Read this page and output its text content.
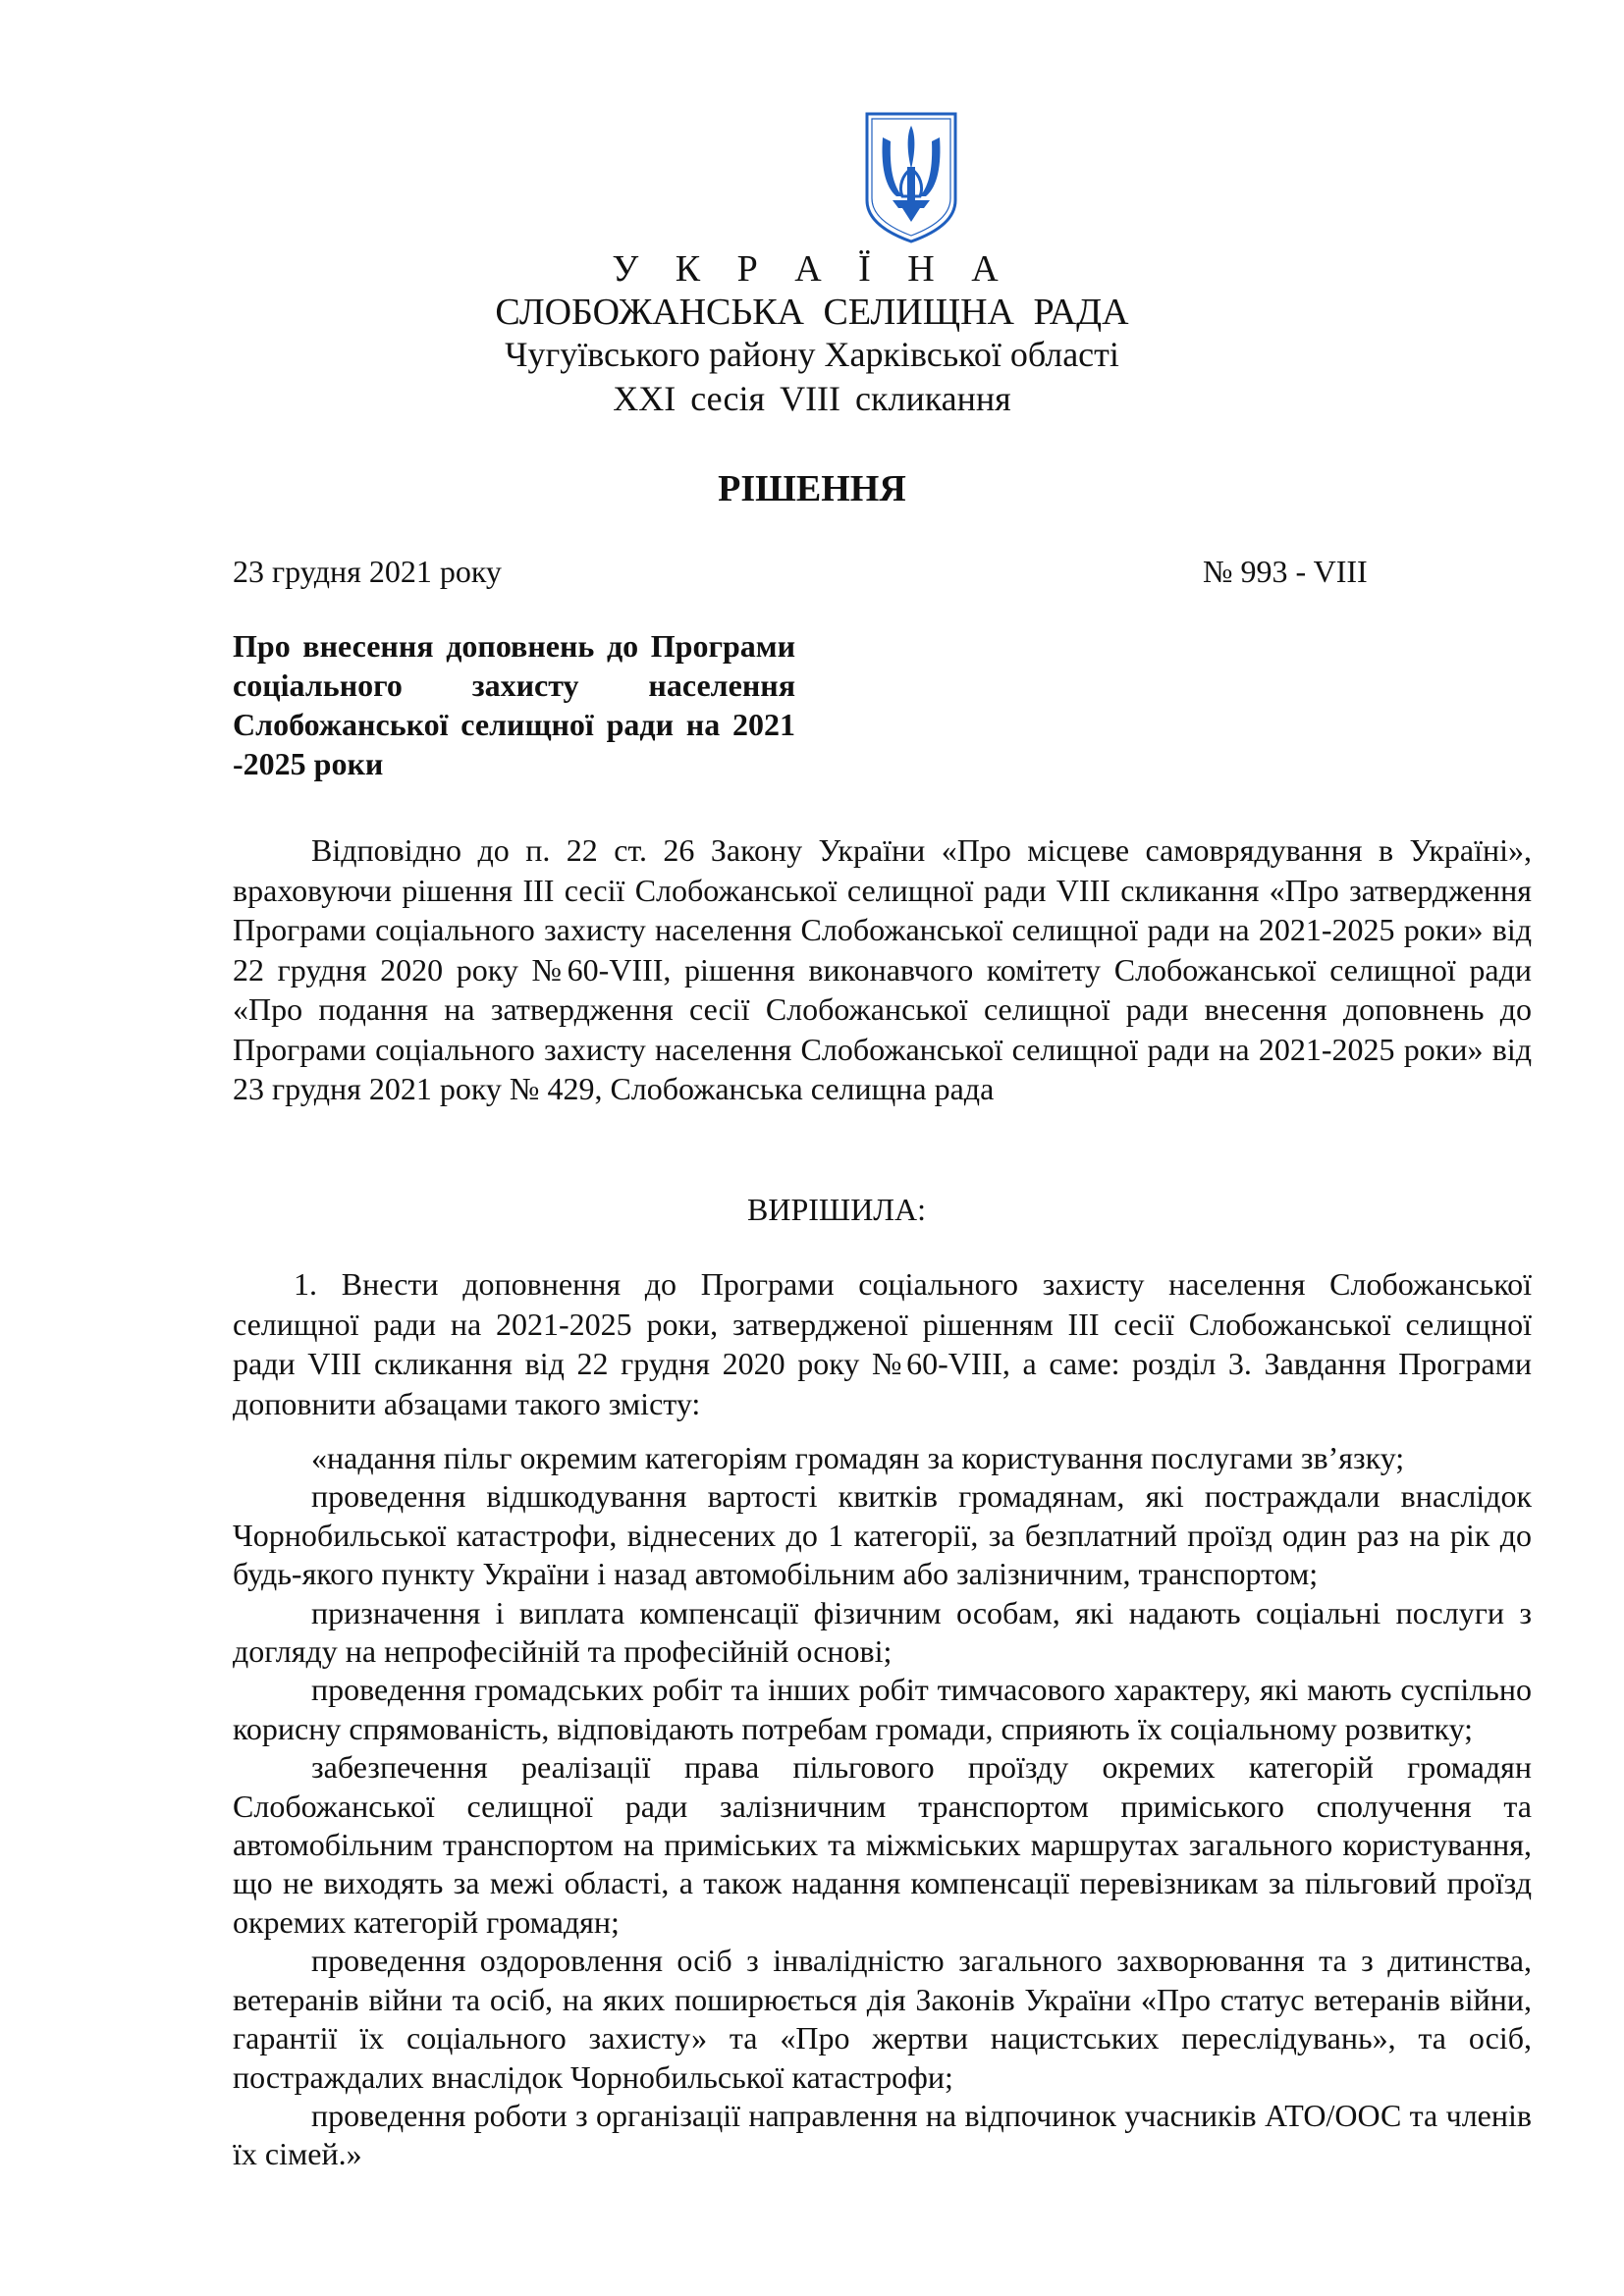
У К Р А Ї Н А
СЛОБОЖАНСЬКА СЕЛИЩНА РАДА
Чугуївського району Харківської області
XXI сесія VIII скликання
РІШЕННЯ
23 грудня 2021 року	№ 993 - VIII
Про внесення доповнень до Програми соціального захисту населення Слобожанської селищної ради на 2021 -2025 роки
Відповідно до п. 22 ст. 26 Закону України «Про місцеве самоврядування в Україні», враховуючи рішення ІІІ сесії Слобожанської селищної ради VIII скликання «Про затвердження Програми соціального захисту населення Слобожанської селищної ради на 2021-2025 роки» від 22 грудня 2020 року №60-VIII, рішення виконавчого комітету Слобожанської селищної ради «Про подання на затвердження сесії Слобожанської селищної ради внесення доповнень до Програми соціального захисту населення Слобожанської селищної ради на 2021-2025 роки» від 23 грудня 2021 року № 429, Слобожанська селищна рада
ВИРІШИЛА:
1. Внести доповнення до Програми соціального захисту населення Слобожанської селищної ради на 2021-2025 роки, затвердженої рішенням ІІІ сесії Слобожанської селищної ради VIII скликання від 22 грудня 2020 року №60-VIII, а саме: розділ 3. Завдання Програми доповнити абзацами такого змісту:

«надання пільг окремим категоріям громадян за користування послугами зв’язку;

проведення відшкодування вартості квитків громадянам, які постраждали внаслідок Чорнобильської катастрофи, віднесених до 1 категорії, за безплатний проїзд один раз на рік до будь-якого пункту України і назад автомобільним або залізничним, транспортом;

призначення і виплата компенсації фізичним особам, які надають соціальні послуги з догляду на непрофесійній та професійній основі;

проведення громадських робіт та інших робіт тимчасового характеру, які мають суспільно корисну спрямованість, відповідають потребам громади, сприяють їх соціальному розвитку;

забезпечення реалізації права пільгового проїзду окремих категорій громадян Слобожанської селищної ради залізничним транспортом приміського сполучення та автомобільним транспортом на приміських та міжміських маршрутах загального користування, що не виходять за межі області, а також надання компенсації перевізникам за пільговий проїзд окремих категорій громадян;

проведення оздоровлення осіб з інвалідністю загального захворювання та з дитинства, ветеранів війни та осіб, на яких поширюється дія Законів України «Про статус ветеранів війни, гарантії їх соціального захисту» та «Про жертви нацистських переслідувань», та осіб, постраждалих внаслідок Чорнобильської катастрофи;

проведення роботи з організації направлення на відпочинок учасників АТО/ООС та членів їх сімей.»
